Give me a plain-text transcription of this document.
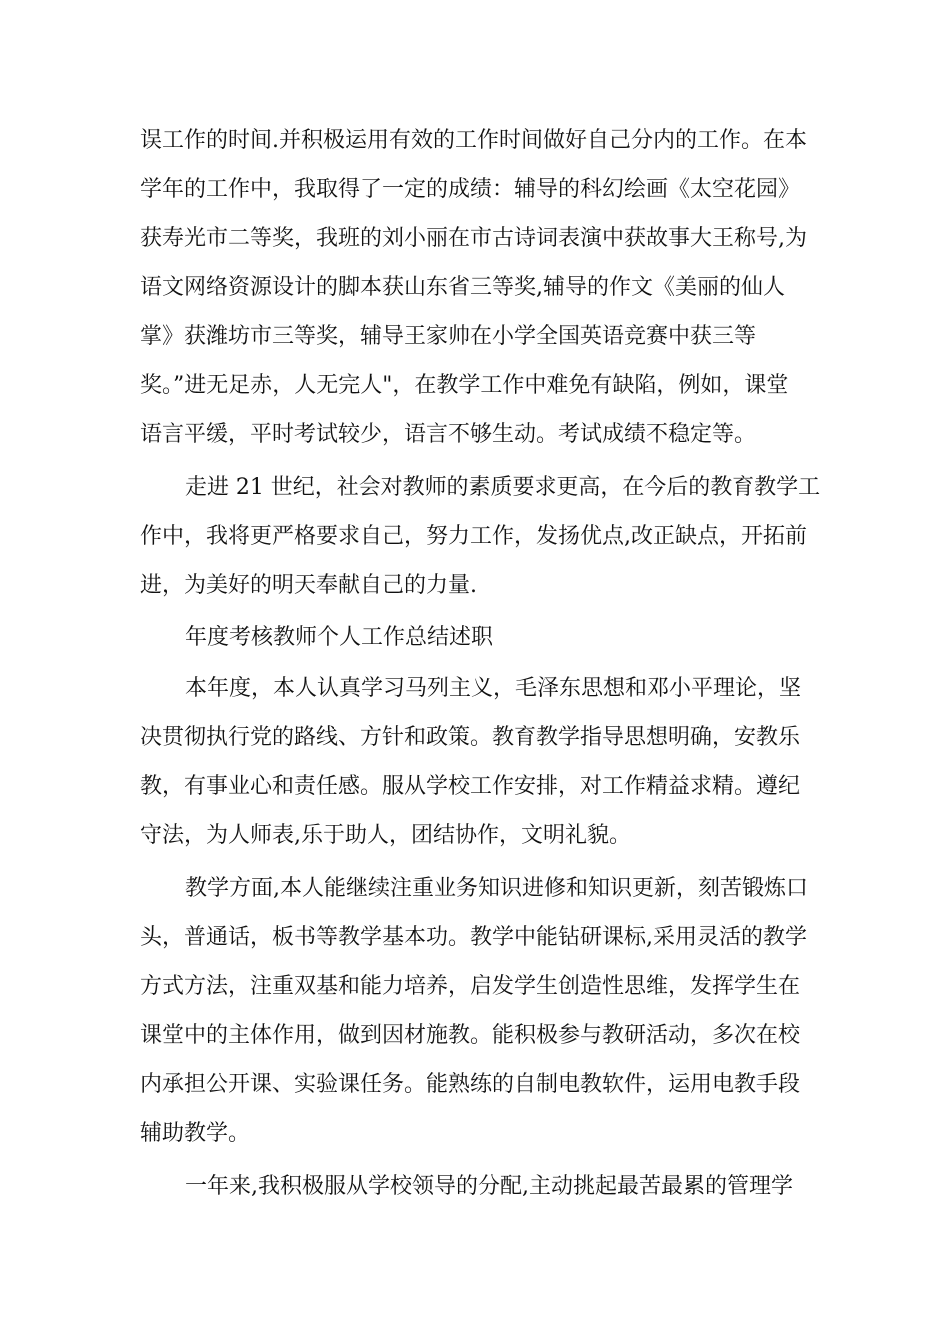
误工作的时间.并积极运用有效的工作时间做好自己分内的工作。在本
学年的工作中，我取得了一定的成绩：辅导的科幻绘画《太空花园》
获寿光市二等奖，我班的刘小丽在市古诗词表演中获故事大王称号,为
语文网络资源设计的脚本获山东省三等奖,辅导的作文《美丽的仙人
掌》获潍坊市三等奖，辅导王家帅在小学全国英语竞赛中获三等
奖。”进无足赤，人无完人"，在教学工作中难免有缺陷，例如，课堂
语言平缓，平时考试较少，语言不够生动。考试成绩不稳定等。
走进 21 世纪，社会对教师的素质要求更高，在今后的教育教学工
作中，我将更严格要求自己，努力工作，发扬优点,改正缺点，开拓前
进，为美好的明天奉献自己的力量.
年度考核教师个人工作总结述职
本年度，本人认真学习马列主义，毛泽东思想和邓小平理论，坚
决贯彻执行党的路线、方针和政策。教育教学指导思想明确，安教乐
教，有事业心和责任感。服从学校工作安排，对工作精益求精。遵纪
守法，为人师表,乐于助人，团结协作，文明礼貌。
教学方面,本人能继续注重业务知识进修和知识更新，刻苦锻炼口
头，普通话，板书等教学基本功。教学中能钻研课标,采用灵活的教学
方式方法，注重双基和能力培养，启发学生创造性思维，发挥学生在
课堂中的主体作用，做到因材施教。能积极参与教研活动，多次在校
内承担公开课、实验课任务。能熟练的自制电教软件，运用电教手段
辅助教学。
一年来,我积极服从学校领导的分配,主动挑起最苦最累的管理学
